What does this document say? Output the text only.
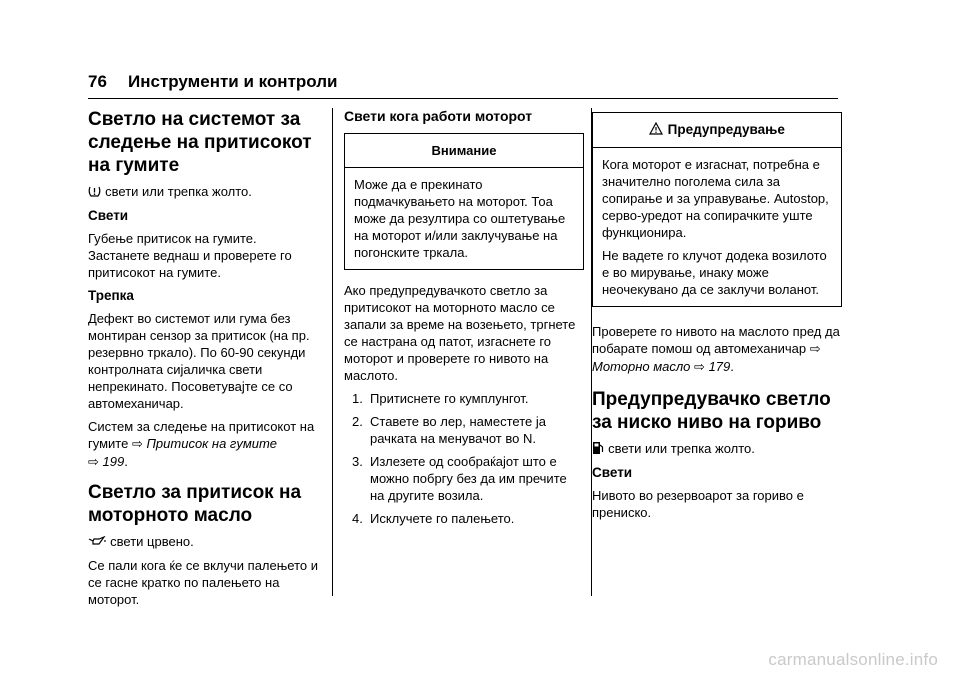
76 Инструменти и контроли
Светло на системот за следење на притисокот на гумите

свети или трепка жолто.

Свети

Губење притисок на гумите. Застанете веднаш и проверете го притисокот на гумите.

Трепка

Дефект во системот или гума без монтиран сензор за притисок (на пр. резервно тркало). По 60-90 секунди контролната сијаличка свети непрекинато. Посоветувајте се со автомеханичар.

Систем за следење на притисокот на гумите ⇨ Притисок на гумите
⇨ 199.

Светло за притисок на моторното масло

свети црвено.

Се пали кога ќе се вклучи палењето и се гасне кратко по палењето на моторот.

Свети кога работи моторот
Внимание

Може да е прекинато подмачкувањето на моторот. Тоа може да резултира со оштетување на моторот и/или заклучување на погонските тркала.

Ако предупредувачкото светло за притисокот на моторното масло се запали за време на возењето, тргнете се настрана од патот, изгаснете го моторот и проверете го нивото на маслото.

1. Притиснете го кумплунгот.
2. Ставете во лер, наместете ја рачката на менувачот во N.
3. Излезете од сообраќајот што е можно побргу без да им пречите на другите возила.
4. Исклучете го палењето.
Предупредување

Кога моторот е изгаснат, потребна е значително поголема сила за сопирање и за управување. Autostop, серво-уредот на сопирачките уште функционира.

Не вадете го клучот додека возилото е во мирување, инаку може неочекувано да се заклучи воланот.

Проверете го нивото на маслото пред да побарате помош од автомеханичар ⇨ Моторно масло ⇨ 179.

Предупредувачко светло за ниско ниво на гориво

свети или трепка жолто.

Свети

Нивото во резервоарот за гориво е прениско.

carmanualsonline.info
